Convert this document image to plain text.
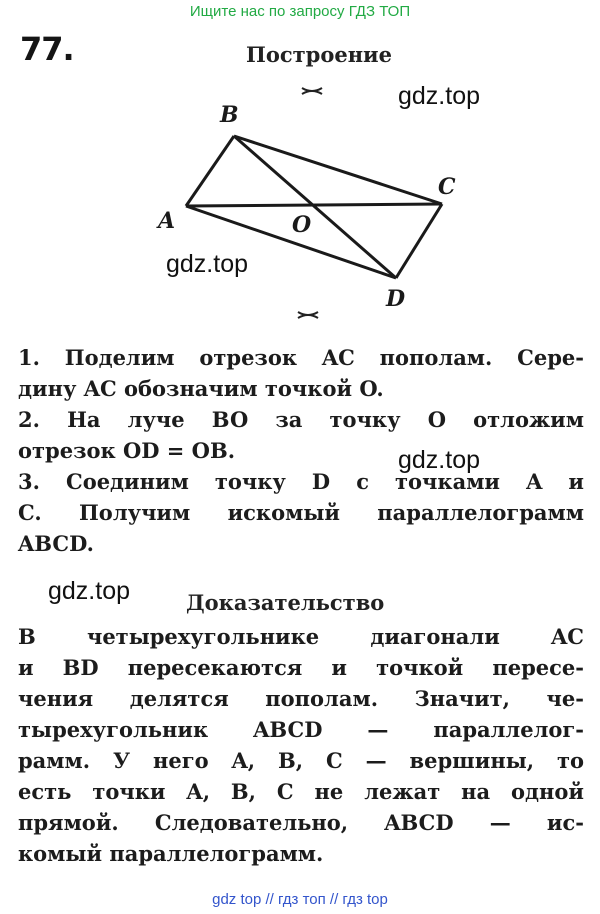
Ищите нас по запросу ГДЗ ТОП
77.	Построение
gdz.top
A
B
C
O
D
gdz.top
1. Поделим отрезок AC пополам. Сере-
дину AC обозначим точкой O.
2. На луче BO за точку O отложим
отрезок OD = OB.
3. Соединим точку D с точками A и
C. Получим искомый параллелограмм
ABCD.
gdz.top
gdz.top	Доказательство
В четырехугольнике диагонали AC
и BD пересекаются и точкой пересе-
чения делятся пополам. Значит, че-
тырехугольник ABCD — параллелог-
рамм. У него A, B, C — вершины, то
есть точки A, B, C не лежат на одной
прямой. Следовательно, ABCD — ис-
комый параллелограмм.
gdz top // гдз топ // гдз top
